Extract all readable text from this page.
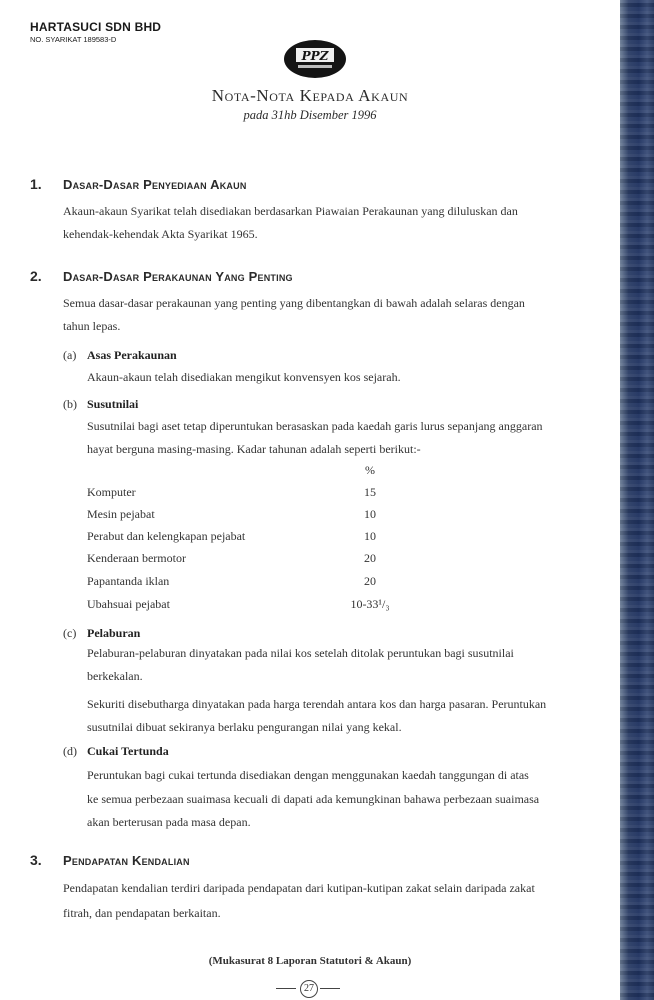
HARTASUCI SDN BHD
NO. SYARIKAT 189583-D
PPZ
Nota-Nota Kepada Akaun
pada 31hb Disember 1996
1. Dasar-Dasar Penyediaan Akaun
Akaun-akaun Syarikat telah disediakan berdasarkan Piawaian Perakaunan yang diluluskan dan
kehendak-kehendak Akta Syarikat 1965.
2. Dasar-Dasar Perakaunan Yang Penting
Semua dasar-dasar perakaunan yang penting yang dibentangkan di bawah adalah selaras dengan
tahun lepas.
(a) Asas Perakaunan
Akaun-akaun telah disediakan mengikut konvensyen kos sejarah.
(b) Susutnilai
Susutnilai bagi aset tetap diperuntukan berasaskan pada kaedah garis lurus sepanjang anggaran
hayat berguna masing-masing. Kadar tahunan adalah seperti berikut:-
%
Komputer	15
Mesin pejabat	10
Perabut dan kelengkapan pejabat	10
Kenderaan bermotor	20
Papantanda iklan	20
Ubahsuai pejabat	10-33¹/₃
(c) Pelaburan
Pelaburan-pelaburan dinyatakan pada nilai kos setelah ditolak peruntukan bagi susutnilai
berkekalan.
Sekuriti disebutharga dinyatakan pada harga terendah antara kos dan harga pasaran. Peruntukan
susutnilai dibuat sekiranya berlaku pengurangan nilai yang kekal.
(d) Cukai Tertunda
Peruntukan bagi cukai tertunda disediakan dengan menggunakan kaedah tanggungan di atas
ke semua perbezaan suaimasa kecuali di dapati ada kemungkinan bahawa perbezaan suaimasa
akan berterusan pada masa depan.
3. Pendapatan Kendalian
Pendapatan kendalian terdiri daripada pendapatan dari kutipan-kutipan zakat selain daripada zakat
fitrah, dan pendapatan berkaitan.
(Mukasurat 8 Laporan Statutori & Akaun)
27
